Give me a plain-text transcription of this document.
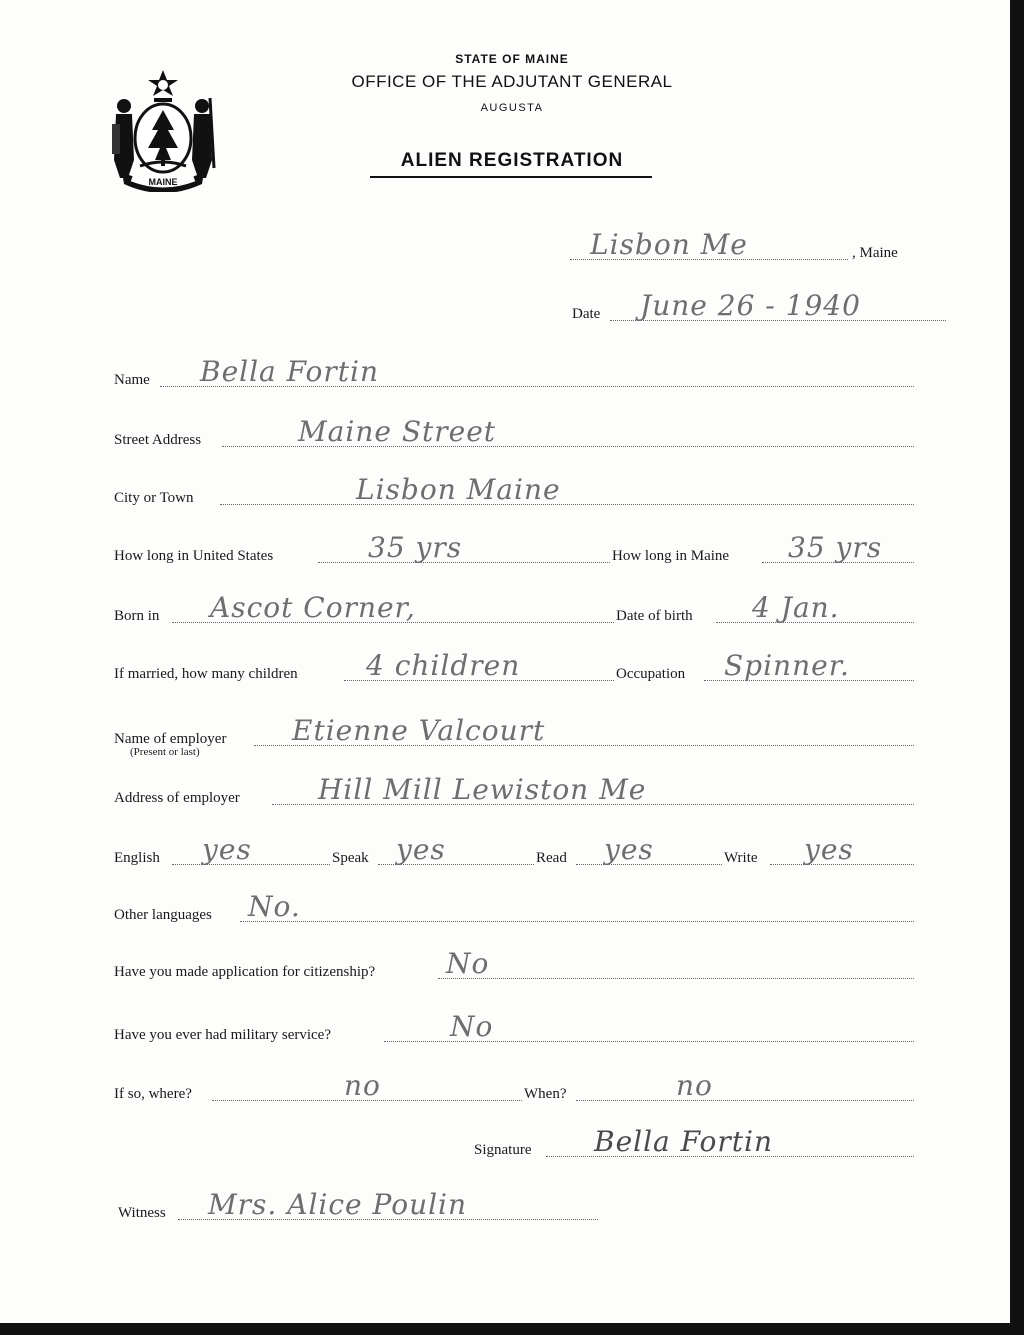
MAINE
STATE OF MAINE
OFFICE OF THE ADJUTANT GENERAL
AUGUSTA
ALIEN REGISTRATION
Lisbon Me	, Maine
Date June 26 - 1940
Name Bella Fortin
Street Address	Maine Street
City or Town	Lisbon Maine
How long in United States	35 yrs	How long in Maine 35 yrs
Born in Ascot Corner,	Date of birth 4 Jan.
If married, how many children 4 children	Occupation Spinner.
Name of employer Etienne Valcourt
(Present or last)
Address of employer	Hill Mill Lewiston Me
English yes	Speak yes	Read yes	Write yes
Other languages No.
Have you made application for citizenship?	No
Have you ever had military service?	No
If so, where?	no	When?	no
Signature Bella Fortin
Witness Mrs. Alice Poulin
